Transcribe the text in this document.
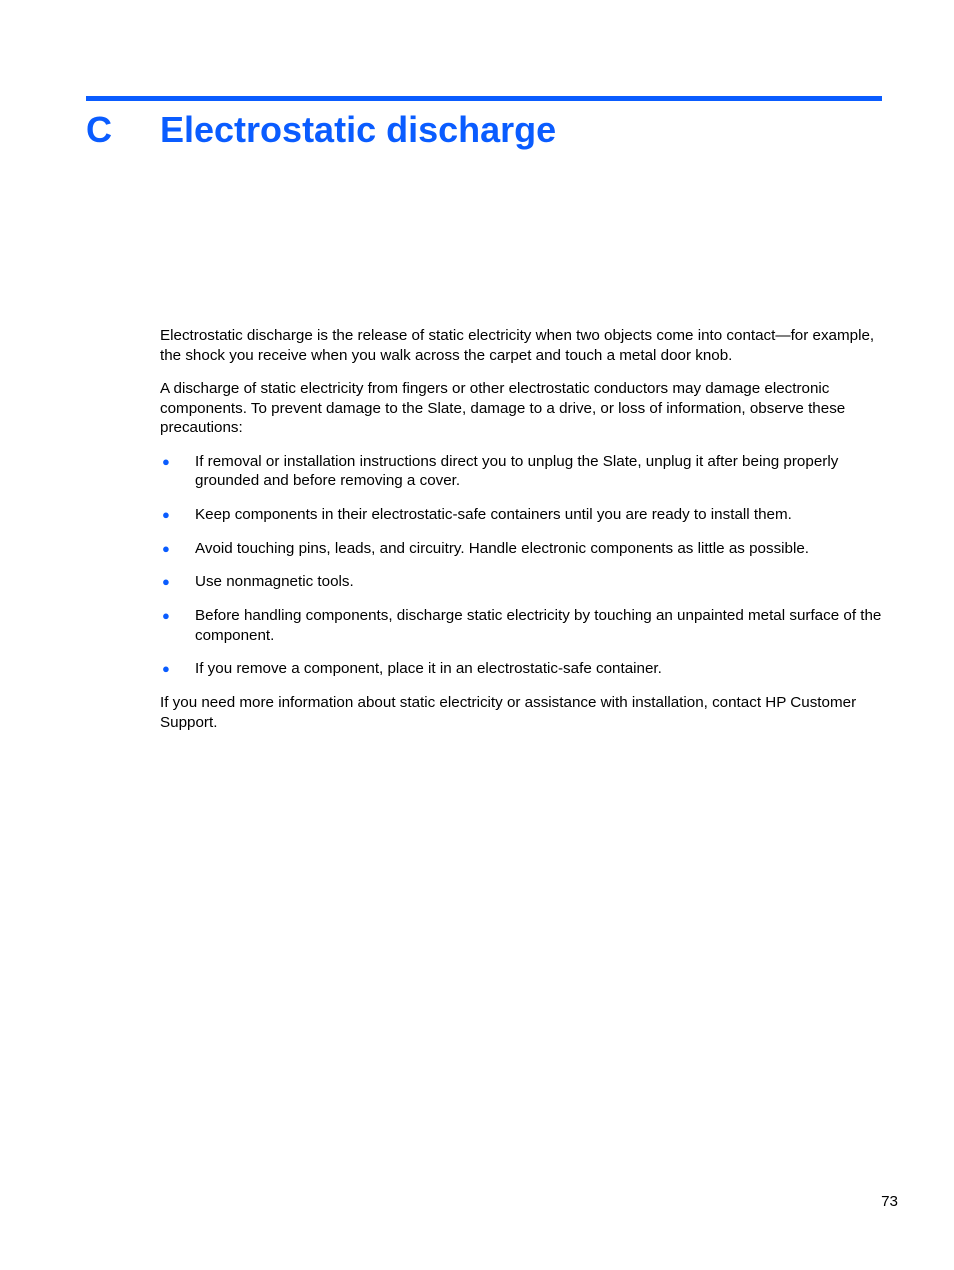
C Electrostatic discharge

Electrostatic discharge is the release of static electricity when two objects come into contact—for example, the shock you receive when you walk across the carpet and touch a metal door knob.

A discharge of static electricity from fingers or other electrostatic conductors may damage electronic components. To prevent damage to the Slate, damage to a drive, or loss of information, observe these precautions:

● If removal or installation instructions direct you to unplug the Slate, unplug it after being properly grounded and before removing a cover.
● Keep components in their electrostatic-safe containers until you are ready to install them.
● Avoid touching pins, leads, and circuitry. Handle electronic components as little as possible.
● Use nonmagnetic tools.
● Before handling components, discharge static electricity by touching an unpainted metal surface of the component.
● If you remove a component, place it in an electrostatic-safe container.

If you need more information about static electricity or assistance with installation, contact HP Customer Support.

73
